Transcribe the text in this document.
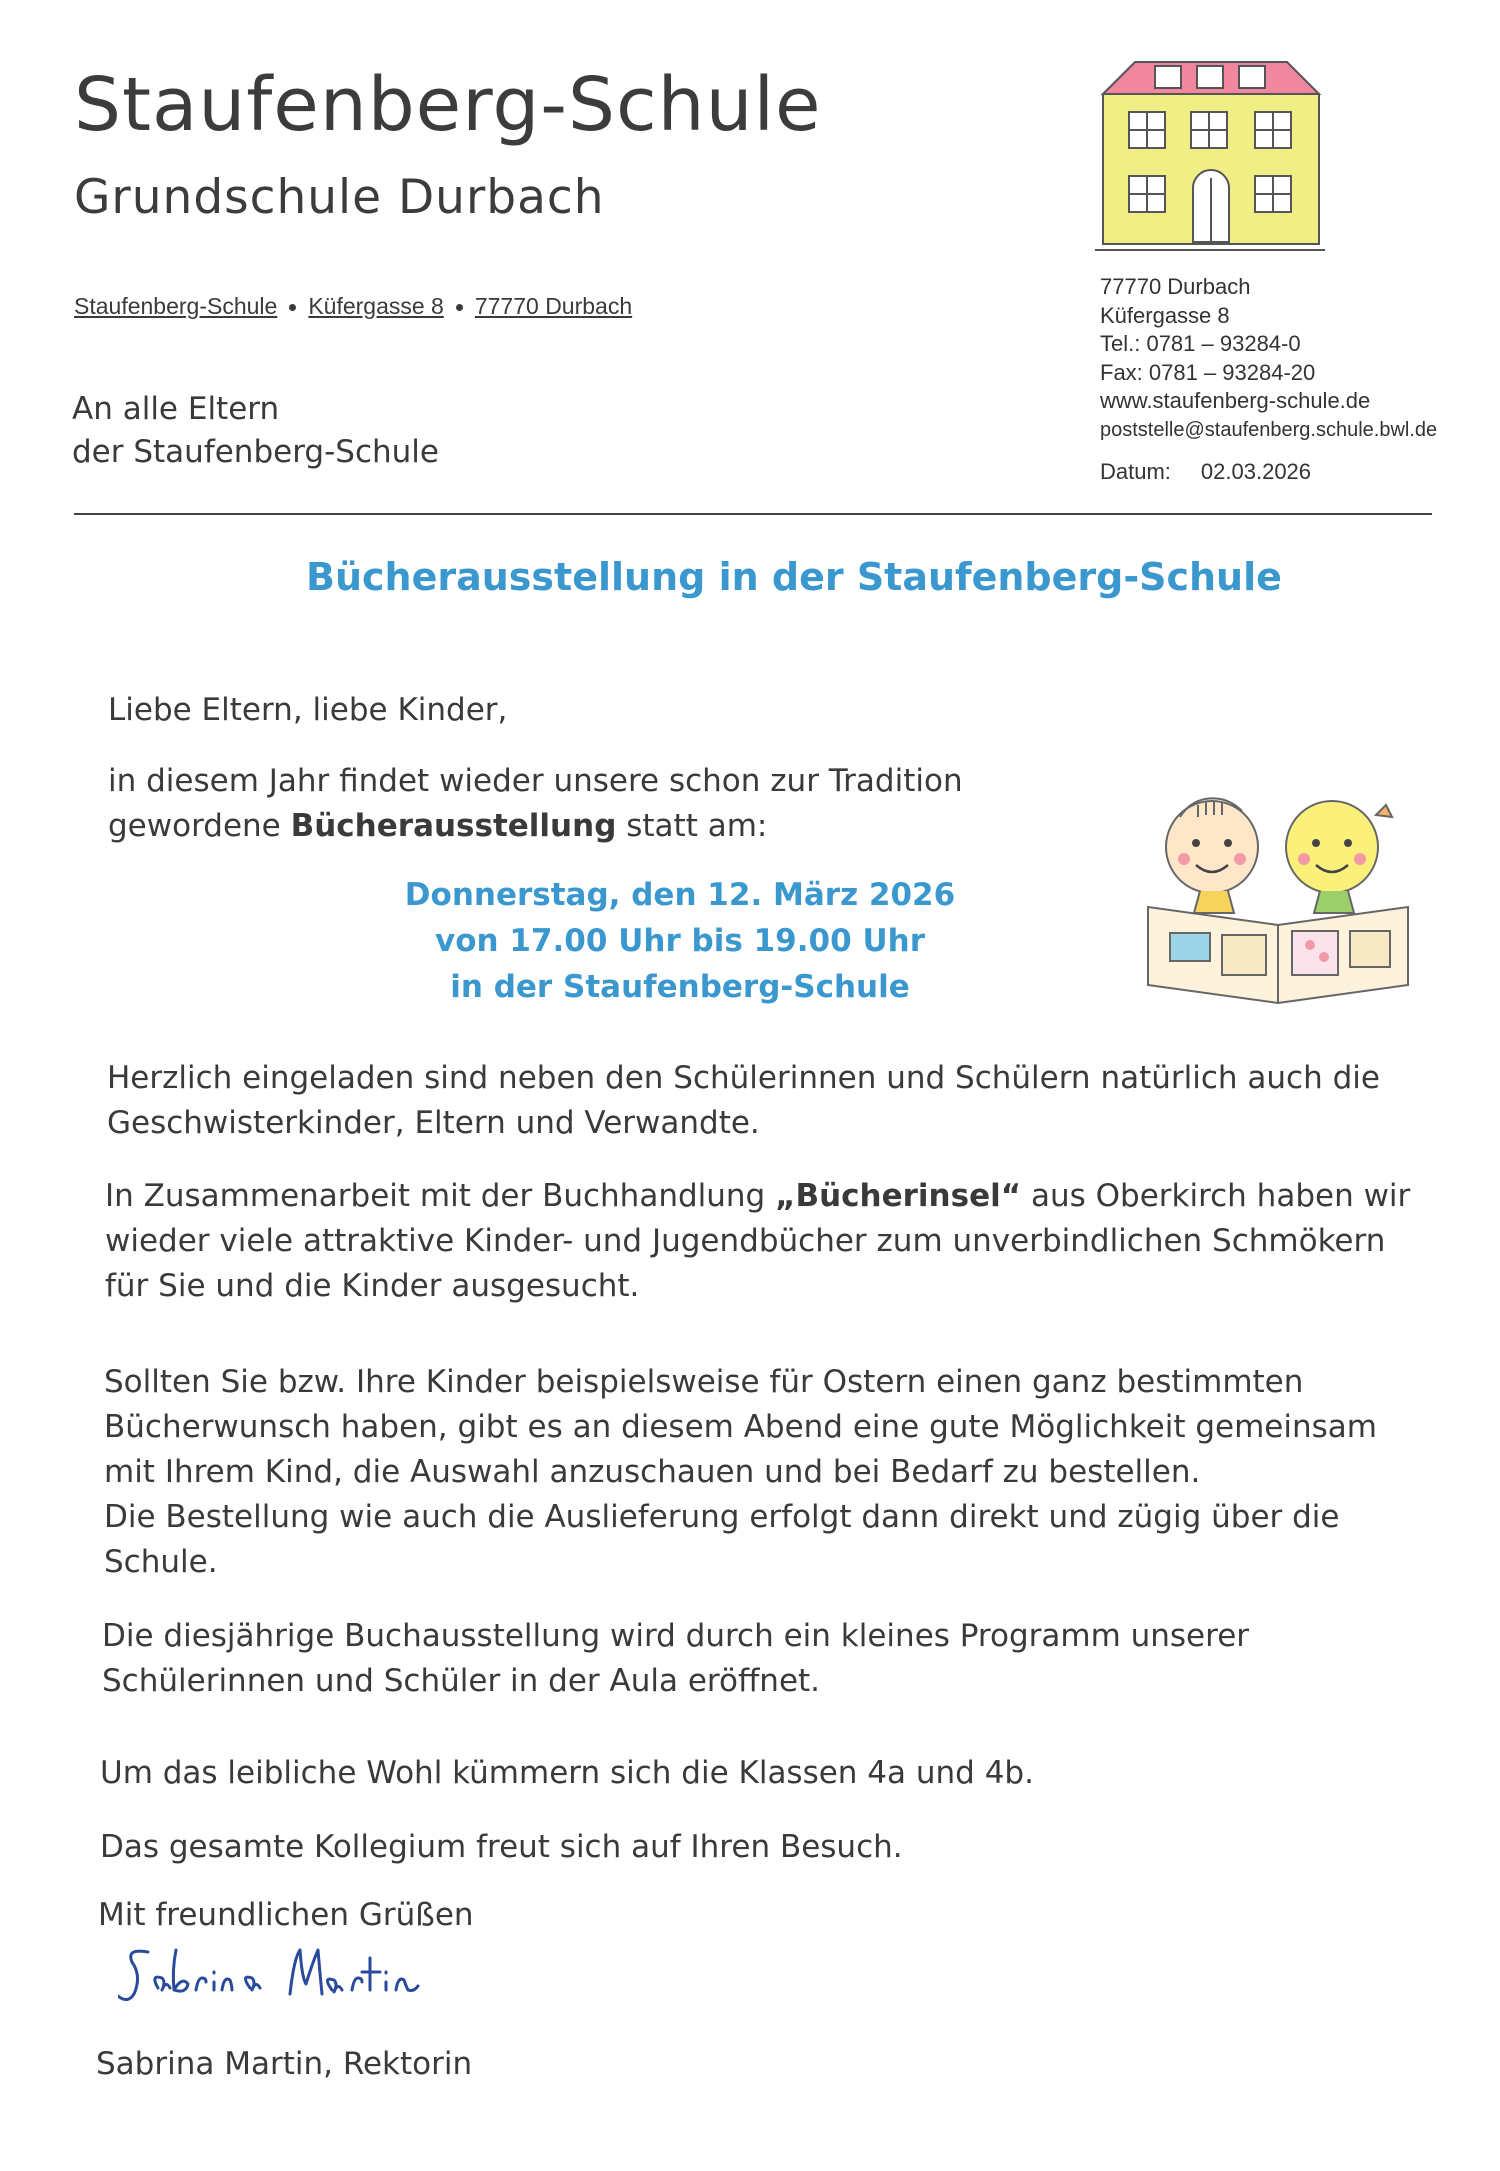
Staufenberg-Schule
Grundschule Durbach
Staufenberg-Schule Küfergasse 8 77770 Durbach
An alle Eltern
der Staufenberg-Schule
77770 Durbach
Küfergasse 8
Tel.: 0781 – 93284-0
Fax: 0781 – 93284-20
www.staufenberg-schule.de
poststelle@staufenberg.schule.bwl.de
Datum: 02.03.2026
Bücherausstellung in der Staufenberg-Schule
Liebe Eltern, liebe Kinder,
in diesem Jahr findet wieder unsere schon zur Tradition
gewordene Bücherausstellung statt am:
Donnerstag, den 12. März 2026
von 17.00 Uhr bis 19.00 Uhr
in der Staufenberg-Schule
Herzlich eingeladen sind neben den Schülerinnen und Schülern natürlich auch die
Geschwisterkinder, Eltern und Verwandte.
In Zusammenarbeit mit der Buchhandlung „Bücherinsel“ aus Oberkirch haben wir
wieder viele attraktive Kinder- und Jugendbücher zum unverbindlichen Schmökern
für Sie und die Kinder ausgesucht.
Sollten Sie bzw. Ihre Kinder beispielsweise für Ostern einen ganz bestimmten
Bücherwunsch haben, gibt es an diesem Abend eine gute Möglichkeit gemeinsam
mit Ihrem Kind, die Auswahl anzuschauen und bei Bedarf zu bestellen.
Die Bestellung wie auch die Auslieferung erfolgt dann direkt und zügig über die
Schule.
Die diesjährige Buchausstellung wird durch ein kleines Programm unserer
Schülerinnen und Schüler in der Aula eröffnet.
Um das leibliche Wohl kümmern sich die Klassen 4a und 4b.
Das gesamte Kollegium freut sich auf Ihren Besuch.
Mit freundlichen Grüßen
Sabrina Martin, Rektorin
